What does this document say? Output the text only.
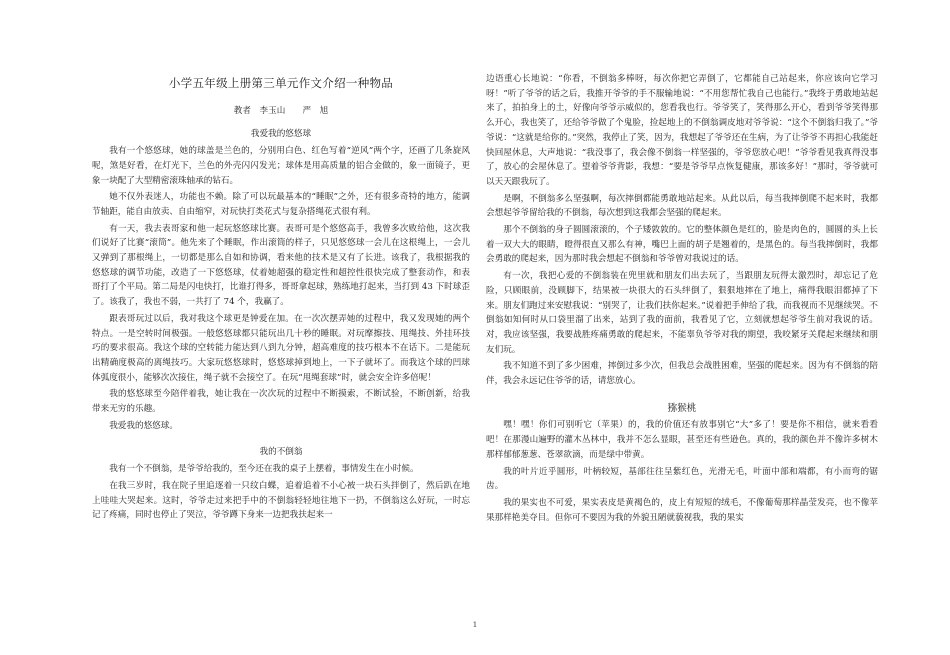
小学五年级上册第三单元作文介绍一种物品
教者　李玉山　　严　旭
我爱我的悠悠球

我有一个悠悠球，她的球盖是兰色的，分别用白色、红色写着“逆风”两个字，还画了几条旋风呢，煞是好看，在灯光下，兰色的外壳闪闪发光；球体是用高质量的铝合金做的，象一面镜子，更象一块配了大型精密滚珠轴承的钻石。

她不仅外表迷人，功能也不赖。除了可以玩最基本的“睡眠”之外，还有很多奇特的地方，能调节轴距，能自由放卖、自由缩窄，对玩快打类花式与复杂搭绳花式很有利。

有一天，我去表哥家和他一起玩悠悠球比赛。表哥可是个悠悠高手，我曾多次败给他，这次我们说好了比赛“滚筒”。他先来了个睡眠，作出滚筒的样子，只见悠悠球一会儿在这根绳上，一会儿又弹到了那根绳上，一切都是那么自如和协调，看来他的技术是又有了长进。该我了，我根据我的悠悠球的调节功能，改造了一下悠悠球，仗着她超强的稳定性和超控性很快完成了整套动作，和表哥打了个平局。第二局是闪电快打，比谁打得多，哥哥拿起球，熟练地打起来，当打到 43 下时球歪了。该我了，我也不弱，一共打了 74 个，我赢了。

跟表哥玩过以后，我对我这个球更是钟爱在加。在一次次摆弄她的过程中，我又发现她的两个特点。一是空转时间极强。一般悠悠球都只能玩出几十秒的睡眠。对玩摩擦技、甩绳技、外挂环技巧的要求很高。我这个球的空转能力能达到八到九分钟，超高难度的技巧根本不在话下。二是能玩出精确度极高的离绳技巧。大家玩悠悠球时，悠悠球掉到地上，一下子就坏了。而我这个球的凹球体弧度很小，能够次次接住，绳子就不会接空了。在玩“甩绳套球”时，就会安全许多倍呢！

我的悠悠球至今陪伴着我，她让我在一次次玩的过程中不断摸索，不断试验，不断创新，给我带来无穷的乐趣。

我爱我的悠悠球。

我的不倒翁

我有一个不倒翁，是爷爷给我的，至今还在我的桌子上摆着，事情发生在小时候。

在我三岁时，我在院子里追逐着一只纹白蝶，追着追着不小心被一块石头拌倒了，然后趴在地上哇哇大哭起来。这时，爷爷走过来把手中的不倒翁轻轻地往地下一扔，不倒翁这么好玩，一时忘记了疼痛，同时也停止了哭泣，爷爷蹲下身来一边把我扶起来一

边语重心长地说：“你看，不倒翁多棒呀，每次你把它弄倒了，它都能自己站起来，你应该向它学习呀！”听了爷爷的话之后，我推开爷爷的手不服输地说：“不用您帮忙我自己也能行。”我终于勇敢地站起来了，拍拍身上的土，好像向爷爷示威似的，您看我也行。爷爷笑了，笑得那么开心，看到爷爷笑得那么开心，我也笑了，还给爷爷做了个鬼脸，捡起地上的不倒翁调皮地对爷爷说：“这个不倒翁归我了。”爷爷说：“这就是给你的。”突然，我停止了笑，因为，我想起了爷爷还在生病，为了让爷爷不再担心我能赶快回屋休息，大声地说：“我没事了，我会像不倒翁一样坚强的，爷爷您放心吧！”爷爷看见我真得没事了，放心的会屋休息了。望着爷爷背影，我想：“要是爷爷早点恢复健康，那该多好！”那时，爷爷就可以天天跟我玩了。

是啊，不倒翁多么坚强啊，每次摔倒都能勇敢地站起来。从此以后，每当我摔倒爬不起来时，我都会想起爷爷留给我的不倒翁，每次想到这我都会坚强的爬起来。

那个不倒翁的身子圆圆滚滚的，个子矮敦敦的。它的整体颜色是红的，脸是肉色的，圆圆的头上长着一双大大的眼睛，瞪得很直又那么有神，嘴巴上面的胡子是翘着的，是黑色的。每当我摔倒时，我都会勇敢的爬起来，因为那时我会想起不倒翁和爷爷曾对我说过的话。

有一次，我把心爱的不倒翁装在兜里就和朋友们出去玩了，当跟朋友玩得太激烈时，却忘记了危险，只顾眼前，没顾脚下，结果被一块很大的石头绊倒了，狠狠地摔在了地上，痛得我眼泪都掉了下来。朋友们跑过来安慰我说：“别哭了，让我们扶你起来。”说着把手伸给了我，而我视而不见继续哭。不倒翁如知何时从口袋里溜了出来，站到了我的面前，我看见了它，立刻就想起爷爷生前对我说的话。对，我应该坚强，我要战胜疼痛勇敢的爬起来，不能辜负爷爷对我的期望，我咬紧牙关爬起来继续和朋友们玩。

我不知道不到了多少困难，摔倒过多少次，但我总会战胜困难，坚强的爬起来。因为有不倒翁的陪伴，我会永远记住爷爷的话，请您放心。

猕猴桃

嘿！嘿！你们可别听它（苹果）的，我的价值还有放事别它“大”多了！要是你不相信，就来看看吧！在那漫山遍野的灌木丛林中，我并不怎么显眼，甚至还有些逊色。真的，我的颜色并不像许多树木那样郁郁葱葱、苍翠欲滴，而是绿中带黄。

我的叶片近乎圆形，叶柄较短，基部往往呈紫红色，光滑无毛，叶面中部和端都，有小而弯的锯齿。

我的果实也不可爱，果实表皮是黄褐色的，皮上有短短的绒毛，不像葡萄那样晶莹发亮，也不像苹果那样艳美夺目。但你可不要因为我的外貌丑陋就藐视我，我的果实

1
